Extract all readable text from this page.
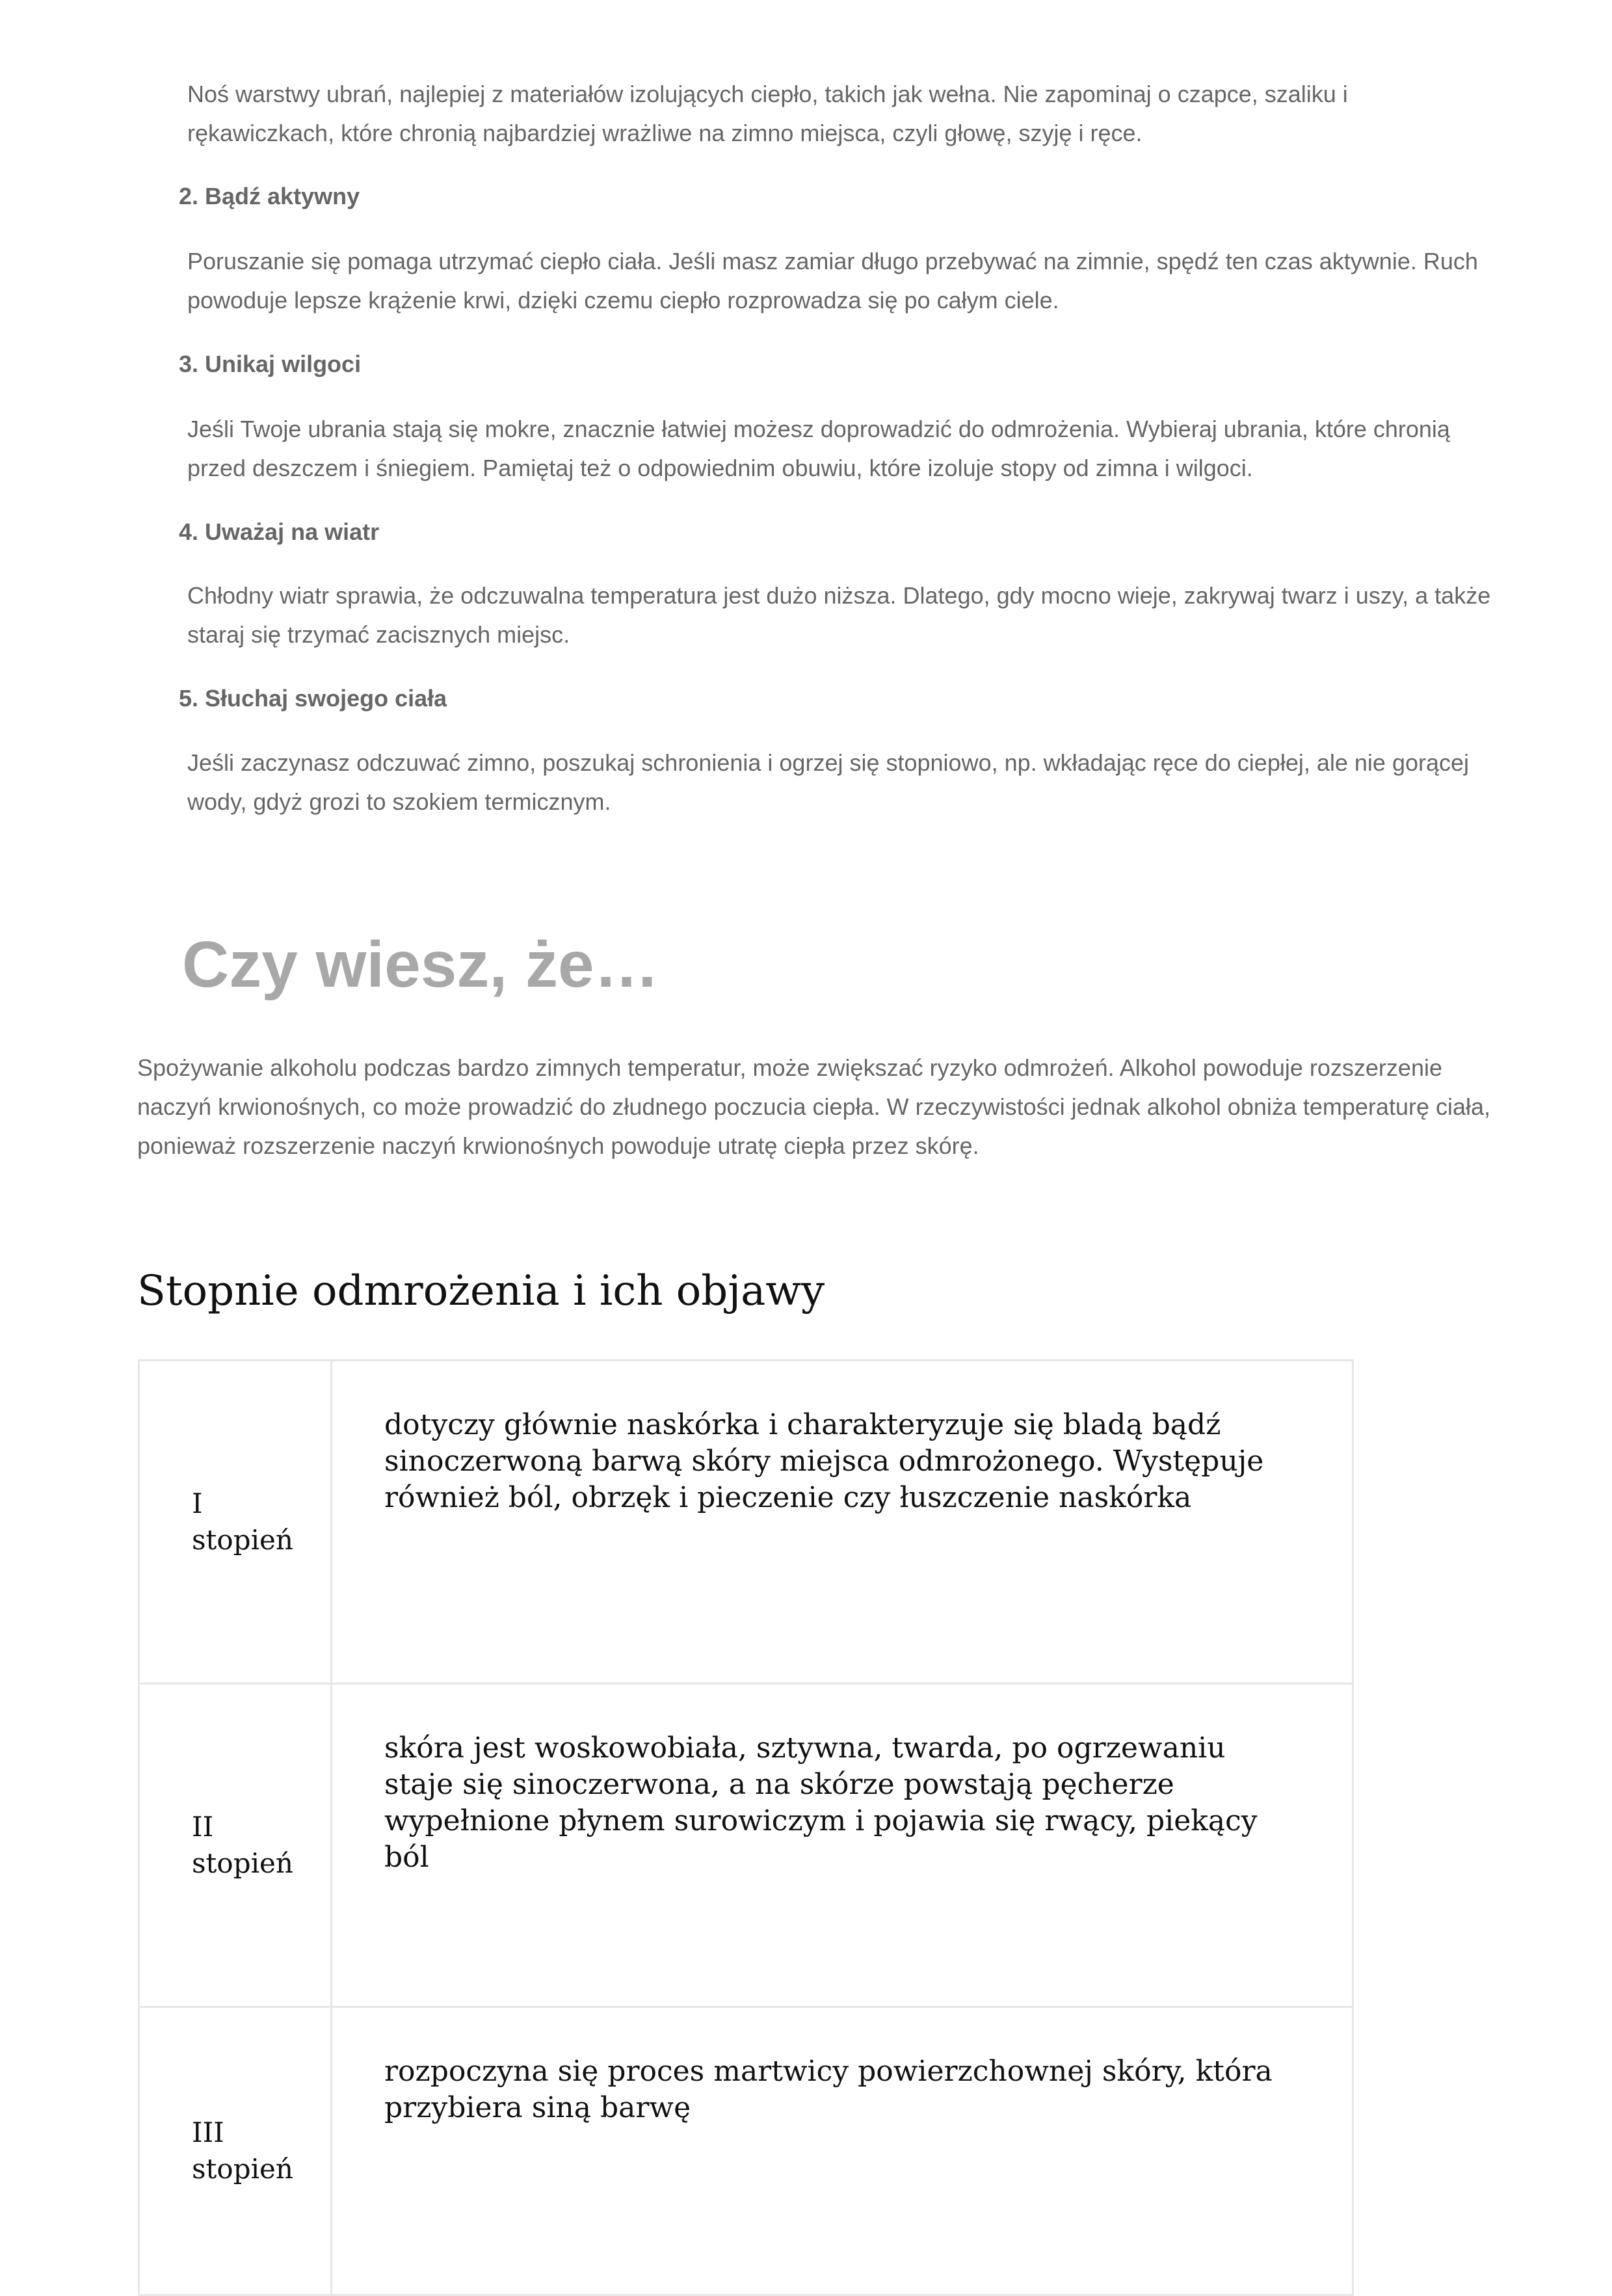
Noś warstwy ubrań, najlepiej z materiałów izolujących ciepło, takich jak wełna. Nie zapominaj o czapce, szaliku i rękawiczkach, które chronią najbardziej wrażliwe na zimno miejsca, czyli głowę, szyję i ręce.

2. Bądź aktywny

Poruszanie się pomaga utrzymać ciepło ciała. Jeśli masz zamiar długo przebywać na zimnie, spędź ten czas aktywnie. Ruch powoduje lepsze krążenie krwi, dzięki czemu ciepło rozprowadza się po całym ciele.

3. Unikaj wilgoci

Jeśli Twoje ubrania stają się mokre, znacznie łatwiej możesz doprowadzić do odmrożenia. Wybieraj ubrania, które chronią przed deszczem i śniegiem. Pamiętaj też o odpowiednim obuwiu, które izoluje stopy od zimna i wilgoci.

4. Uważaj na wiatr

Chłodny wiatr sprawia, że odczuwalna temperatura jest dużo niższa. Dlatego, gdy mocno wieje, zakrywaj twarz i uszy, a także staraj się trzymać zacisznych miejsc.

5. Słuchaj swojego ciała

Jeśli zaczynasz odczuwać zimno, poszukaj schronienia i ogrzej się stopniowo, np. wkładając ręce do ciepłej, ale nie gorącej wody, gdyż grozi to szokiem termicznym.

Czy wiesz, że…

Spożywanie alkoholu podczas bardzo zimnych temperatur, może zwiększać ryzyko odmrożeń. Alkohol powoduje rozszerzenie naczyń krwionośnych, co może prowadzić do złudnego poczucia ciepła. W rzeczywistości jednak alkohol obniża temperaturę ciała, ponieważ rozszerzenie naczyń krwionośnych powoduje utratę ciepła przez skórę.

Stopnie odmrożenia i ich objawy
I
stopień	dotyczy głównie naskórka i charakteryzuje się bladą bądź sinoczerwoną barwą skóry miejsca odmrożonego. Występuje również ból, obrzęk i pieczenie czy łuszczenie naskórka

II
stopień	skóra jest woskowobiała, sztywna, twarda, po ogrzewaniu staje się sinoczerwona, a na skórze powstają pęcherze wypełnione płynem surowiczym i pojawia się rwący, piekący ból

III
stopień	rozpoczyna się proces martwicy powierzchownej skóry, która przybiera siną barwę
